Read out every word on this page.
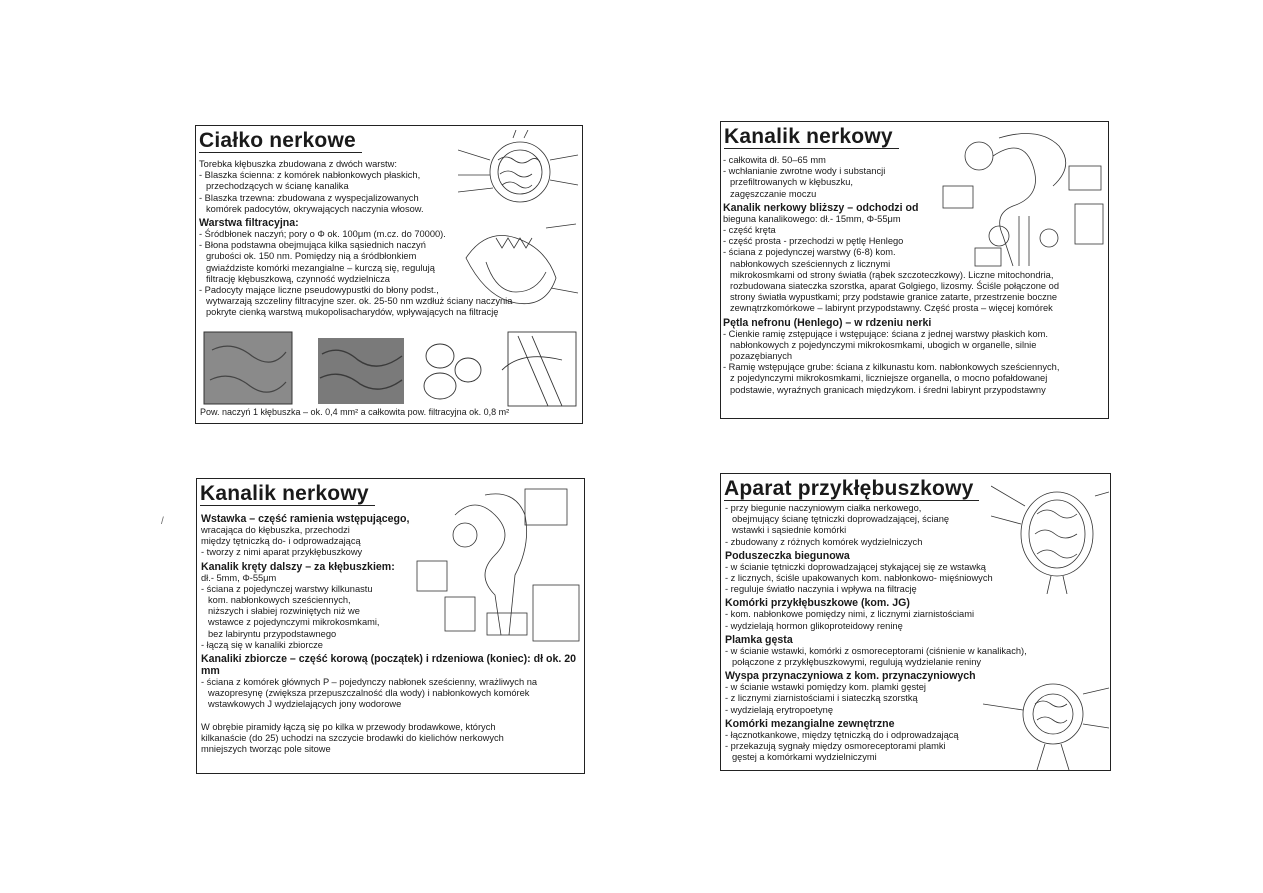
Ciałko nerkowe
Torebka kłębuszka zbudowana z dwóch warstw:
- Blaszka ścienna: z komórek nabłonkowych płaskich,
przechodzących w ścianę kanalika
- Blaszka trzewna: zbudowana z wyspecjalizowanych
komórek padocytów, okrywających naczynia włosow.
Warstwa filtracyjna:
- Śródbłonek naczyń; pory o Φ ok. 100μm (m.cz. do 70000).
- Błona podstawna obejmująca kilka sąsiednich naczyń
grubości ok. 150 nm. Pomiędzy nią a śródbłonkiem
gwiaździste komórki mezangialne – kurczą się, regulują
filtrację kłębuszkową, czynność wydzielnicza
- Padocyty mające liczne pseudowypustki do błony podst.,
wytwarzają szczeliny filtracyjne szer. ok. 25-50 nm wzdłuż ściany naczynia
pokryte cienką warstwą mukopolisacharydów, wpływających na filtrację
Pow. naczyń 1 kłębuszka – ok. 0,4 mm² a całkowita pow. filtracyjna ok. 0,8 m²
Kanalik nerkowy
- całkowita dł. 50–65 mm
- wchłanianie zwrotne wody i substancji
przefiltrowanych w kłębuszku,
zagęszczanie moczu
Kanalik nerkowy bliższy – odchodzi od
bieguna kanalikowego: dł.- 15mm, Φ-55μm
- część kręta
- część prosta - przechodzi w pętlę Henlego
- ściana z pojedynczej warstwy (6-8) kom.
nabłonkowych sześciennych z licznymi
mikrokosmkami od strony światła (rąbek szczoteczkowy). Liczne mitochondria,
rozbudowana siateczka szorstka, aparat Golgiego, lizosmy. Ściśle połączone od
strony światła wypustkami; przy podstawie granice zatarte, przestrzenie boczne
zewnątrzkomórkowe – labirynt przypodstawny. Część prosta – więcej komórek
Pętla nefronu (Henlego) – w rdzeniu nerki
- Cienkie ramię zstępujące i wstępujące: ściana z jednej warstwy płaskich kom.
nabłonkowych z pojedynczymi mikrokosmkami, ubogich w organelle, silnie
pozazębianych
- Ramię wstępujące grube: ściana z kilkunastu kom. nabłonkowych sześciennych,
z pojedynczymi mikrokosmkami, liczniejsze organella, o mocno pofałdowanej
podstawie, wyraźnych granicach międzykom. i średni labirynt przypodstawny
Kanalik nerkowy
Wstawka – część ramienia wstępującego,
wracająca do kłębuszka, przechodzi
między tętniczką do- i odprowadzającą
- tworzy z nimi aparat przykłębuszkowy
Kanalik kręty dalszy – za kłębuszkiem:
dł.- 5mm, Φ-55μm
- ściana z pojedynczej warstwy kilkunastu
kom. nabłonkowych sześciennych,
niższych i słabiej rozwiniętych niż we
wstawce z pojedynczymi mikrokosmkami,
bez labiryntu przypodstawnego
- łączą się w kanaliki zbiorcze
Kanaliki zbiorcze – część korową (początek) i rdzeniowa (koniec): dł ok. 20 mm
- ściana z komórek głównych P – pojedynczy nabłonek sześcienny, wrażliwych na
wazopresynę (zwiększa przepuszczalność dla wody) i nabłonkowych komórek
wstawkowych J wydzielających jony wodorowe
W obrębie piramidy łączą się po kilka w przewody brodawkowe, których
kilkanaście (do 25) uchodzi na szczycie brodawki do kielichów nerkowych
mniejszych tworząc pole sitowe
Aparat przykłębuszkowy
- przy biegunie naczyniowym ciałka nerkowego,
obejmujący ścianę tętniczki doprowadzającej, ścianę
wstawki i sąsiednie komórki
- zbudowany z różnych komórek wydzielniczych
Poduszeczka biegunowa
- w ścianie tętniczki doprowadzającej stykającej się ze wstawką
- z licznych, ściśle upakowanych kom. nabłonkowo- mięśniowych
- reguluje światło naczynia i wpływa na filtrację
Komórki przykłębuszkowe (kom. JG)
- kom. nabłonkowe pomiędzy nimi, z licznymi ziarnistościami
- wydzielają hormon glikoproteidowy reninę
Plamka gęsta
- w ścianie wstawki, komórki z osmoreceptorami (ciśnienie w kanalikach),
połączone z przykłębuszkowymi, regulują wydzielanie reniny
Wyspa przynaczyniowa z kom. przynaczyniowych
- w ścianie wstawki pomiędzy kom. plamki gęstej
- z licznymi ziarnistościami i siateczką szorstką
- wydzielają erytropoetynę
Komórki mezangialne zewnętrzne
- łącznotkankowe, między tętniczką do i odprowadzającą
- przekazują sygnały między osmoreceptorami plamki
gęstej a komórkami wydzielniczymi
/
